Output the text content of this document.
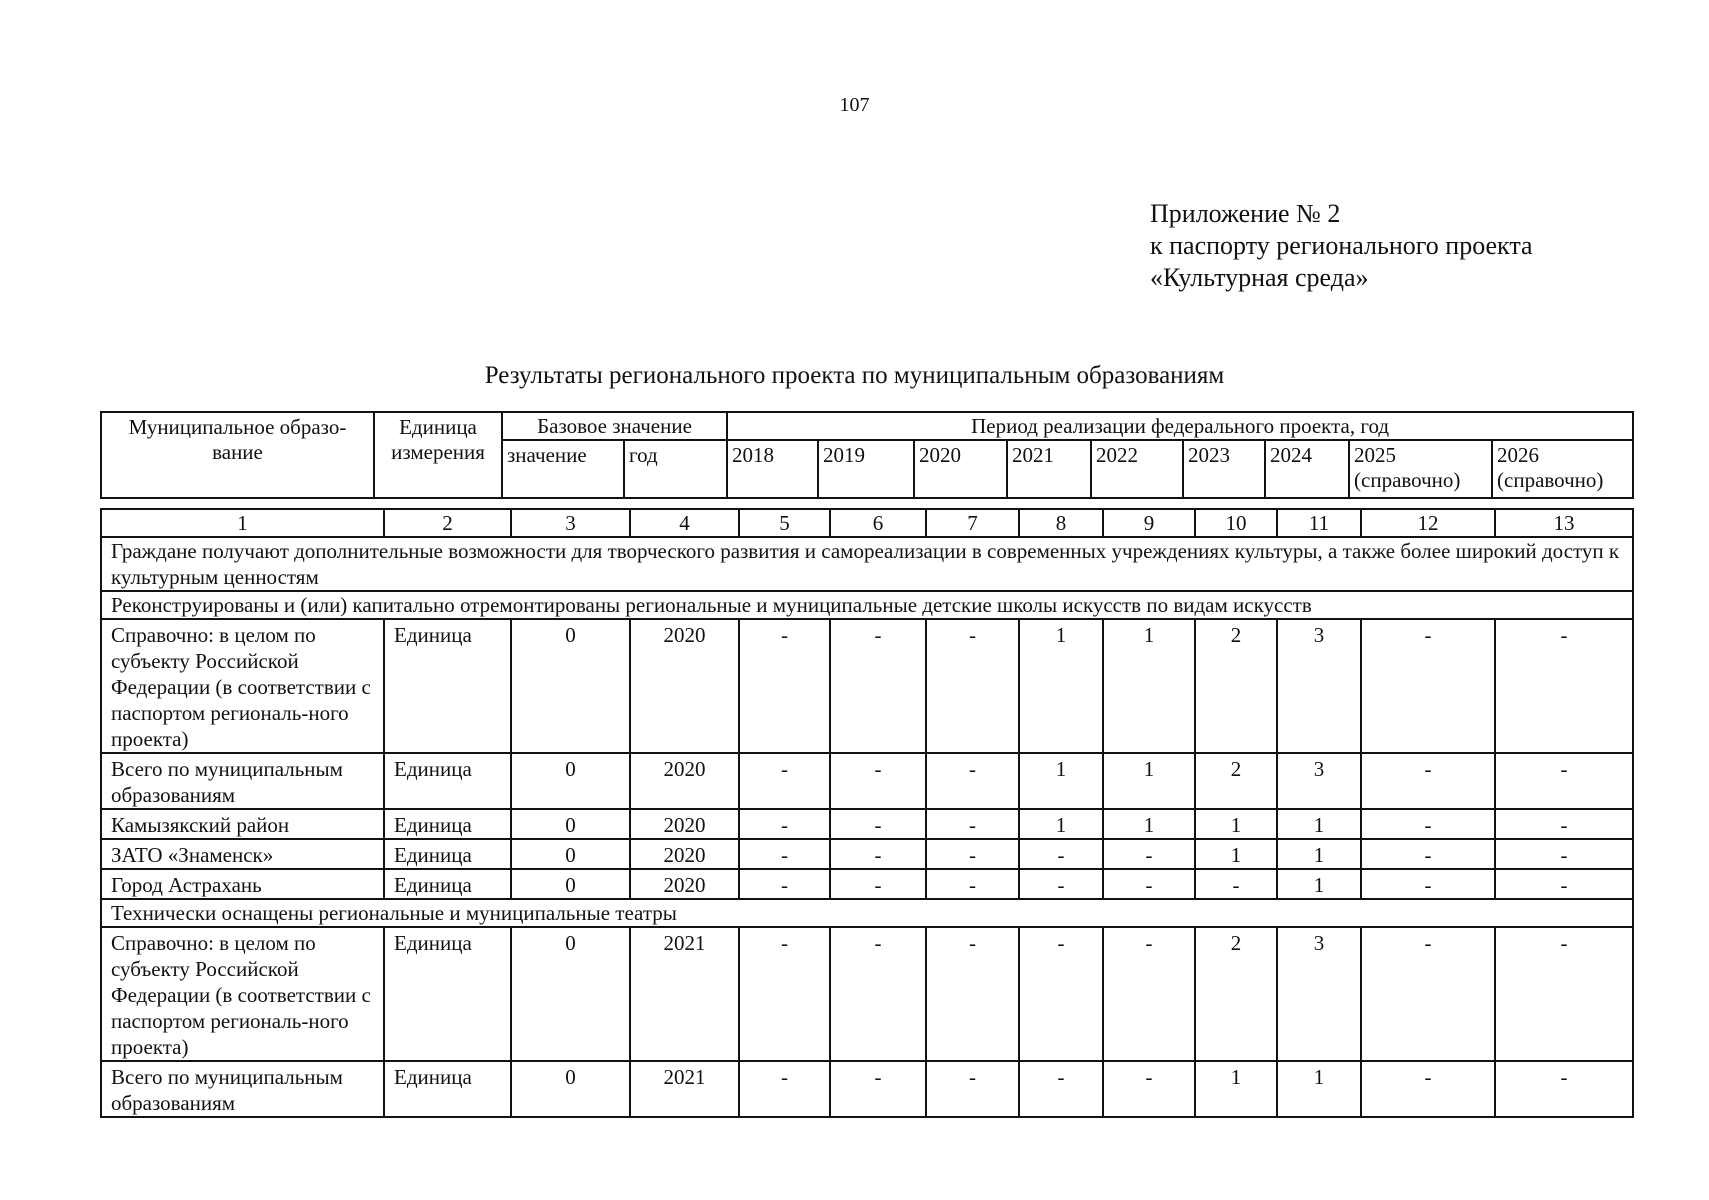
107
Приложение № 2
к паспорту регионального проекта
«Культурная среда»
Результаты регионального проекта по муниципальным образованиям
Муниципальное образо-вание	Единица измерения	Базовое значение		Период реализации федерального проекта, год								
		значение	год	2018	2019	2020	2021	2022	2023	2024	2025 (справочно)	2026 (справочно)
1	2	3	4	5	6	7	8	9	10	11	12	13
Граждане получают дополнительные возможности для творческого развития и самореализации в современных учреждениях культуры, а также более широкий доступ к культурным ценностям												
Реконструированы и (или) капитально отремонтированы региональные и муниципальные детские школы искусств по видам искусств												
Справочно: в целом по субъекту Российской Федерации (в соответствии с паспортом региональ-ного проекта)	Единица	0	2020	-	-	-	1	1	2	3	-	-
Всего по муниципальным образованиям	Единица	0	2020	-	-	-	1	1	2	3	-	-
Камызякский район	Единица	0	2020	-	-	-	1	1	1	1	-	-
ЗАТО «Знаменск»	Единица	0	2020	-	-	-	-	-	1	1	-	-
Город Астрахань	Единица	0	2020	-	-	-	-	-	-	1	-	-
Технически оснащены региональные и муниципальные театры												
Справочно: в целом по субъекту Российской Федерации (в соответствии с паспортом региональ-ного проекта)	Единица	0	2021	-	-	-	-	-	2	3	-	-
Всего по муниципальным образованиям	Единица	0	2021	-	-	-	-	-	1	1	-	-
